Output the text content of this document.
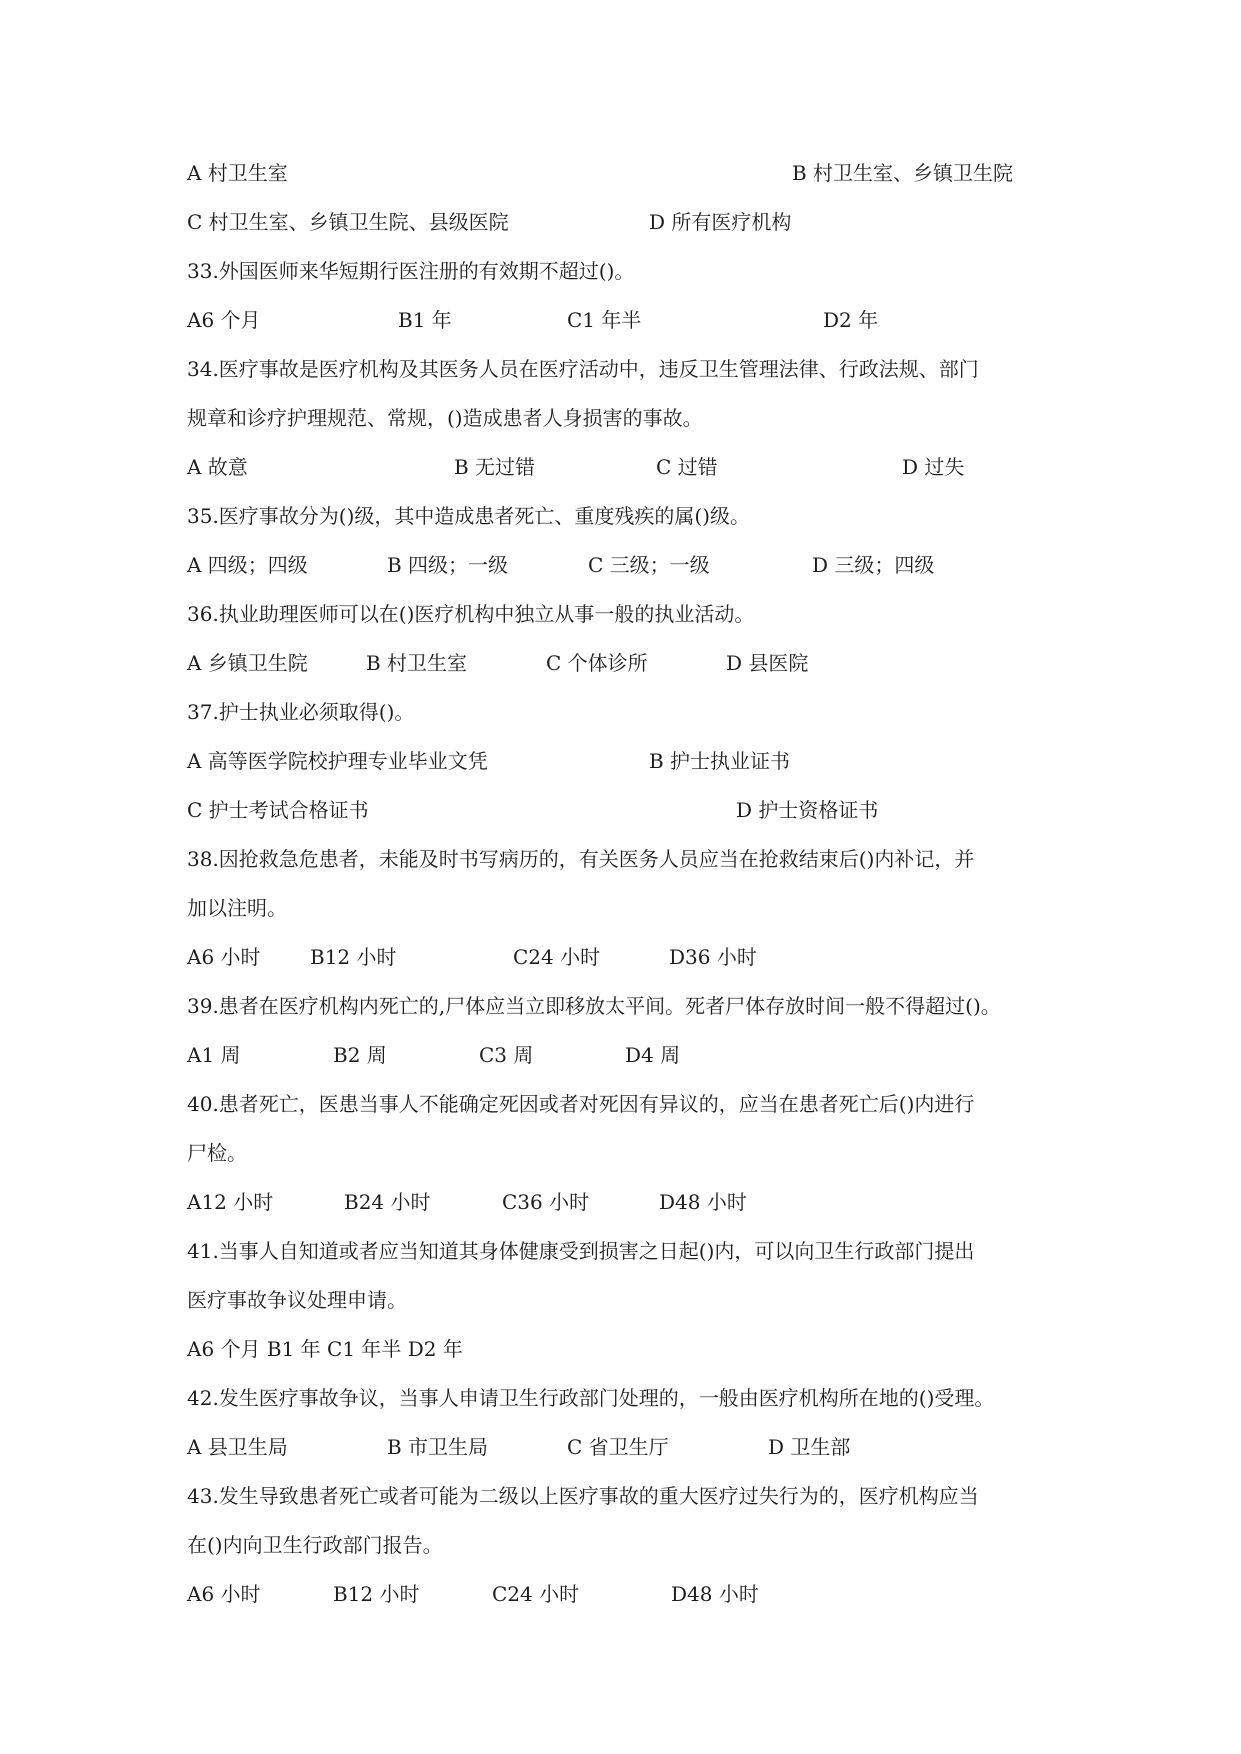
A 村卫生室	B 村卫生室、乡镇卫生院
C 村卫生室、乡镇卫生院、县级医院	D 所有医疗机构
33.外国医师来华短期行医注册的有效期不超过()。
A6 个月	B1 年	C1 年半	D2 年
34.医疗事故是医疗机构及其医务人员在医疗活动中，违反卫生管理法律、行政法规、部门
规章和诊疗护理规范、常规，()造成患者人身损害的事故。
A 故意	B 无过错	C 过错	D 过失
35.医疗事故分为()级，其中造成患者死亡、重度残疾的属()级。
A 四级；四级	B 四级；一级	C 三级；一级	D 三级；四级
36.执业助理医师可以在()医疗机构中独立从事一般的执业活动。
A 乡镇卫生院	B 村卫生室	C 个体诊所	D 县医院
37.护士执业必须取得()。
A 高等医学院校护理专业毕业文凭	B 护士执业证书
C 护士考试合格证书	D 护士资格证书
38.因抢救急危患者，未能及时书写病历的，有关医务人员应当在抢救结束后()内补记，并
加以注明。
A6 小时 B12 小时	C24 小时	D36 小时
39.患者在医疗机构内死亡的,尸体应当立即移放太平间。死者尸体存放时间一般不得超过()。
A1 周	B2 周	C3 周	D4 周
40.患者死亡，医患当事人不能确定死因或者对死因有异议的，应当在患者死亡后()内进行
尸检。
A12 小时	B24 小时	C36 小时	D48 小时
41.当事人自知道或者应当知道其身体健康受到损害之日起()内，可以向卫生行政部门提出
医疗事故争议处理申请。
A6 个月 B1 年 C1 年半 D2 年
42.发生医疗事故争议，当事人申请卫生行政部门处理的，一般由医疗机构所在地的()受理。
A 县卫生局	B 市卫生局	C 省卫生厅	D 卫生部
43.发生导致患者死亡或者可能为二级以上医疗事故的重大医疗过失行为的，医疗机构应当
在()内向卫生行政部门报告。
A6 小时	B12 小时	C24 小时	D48 小时
